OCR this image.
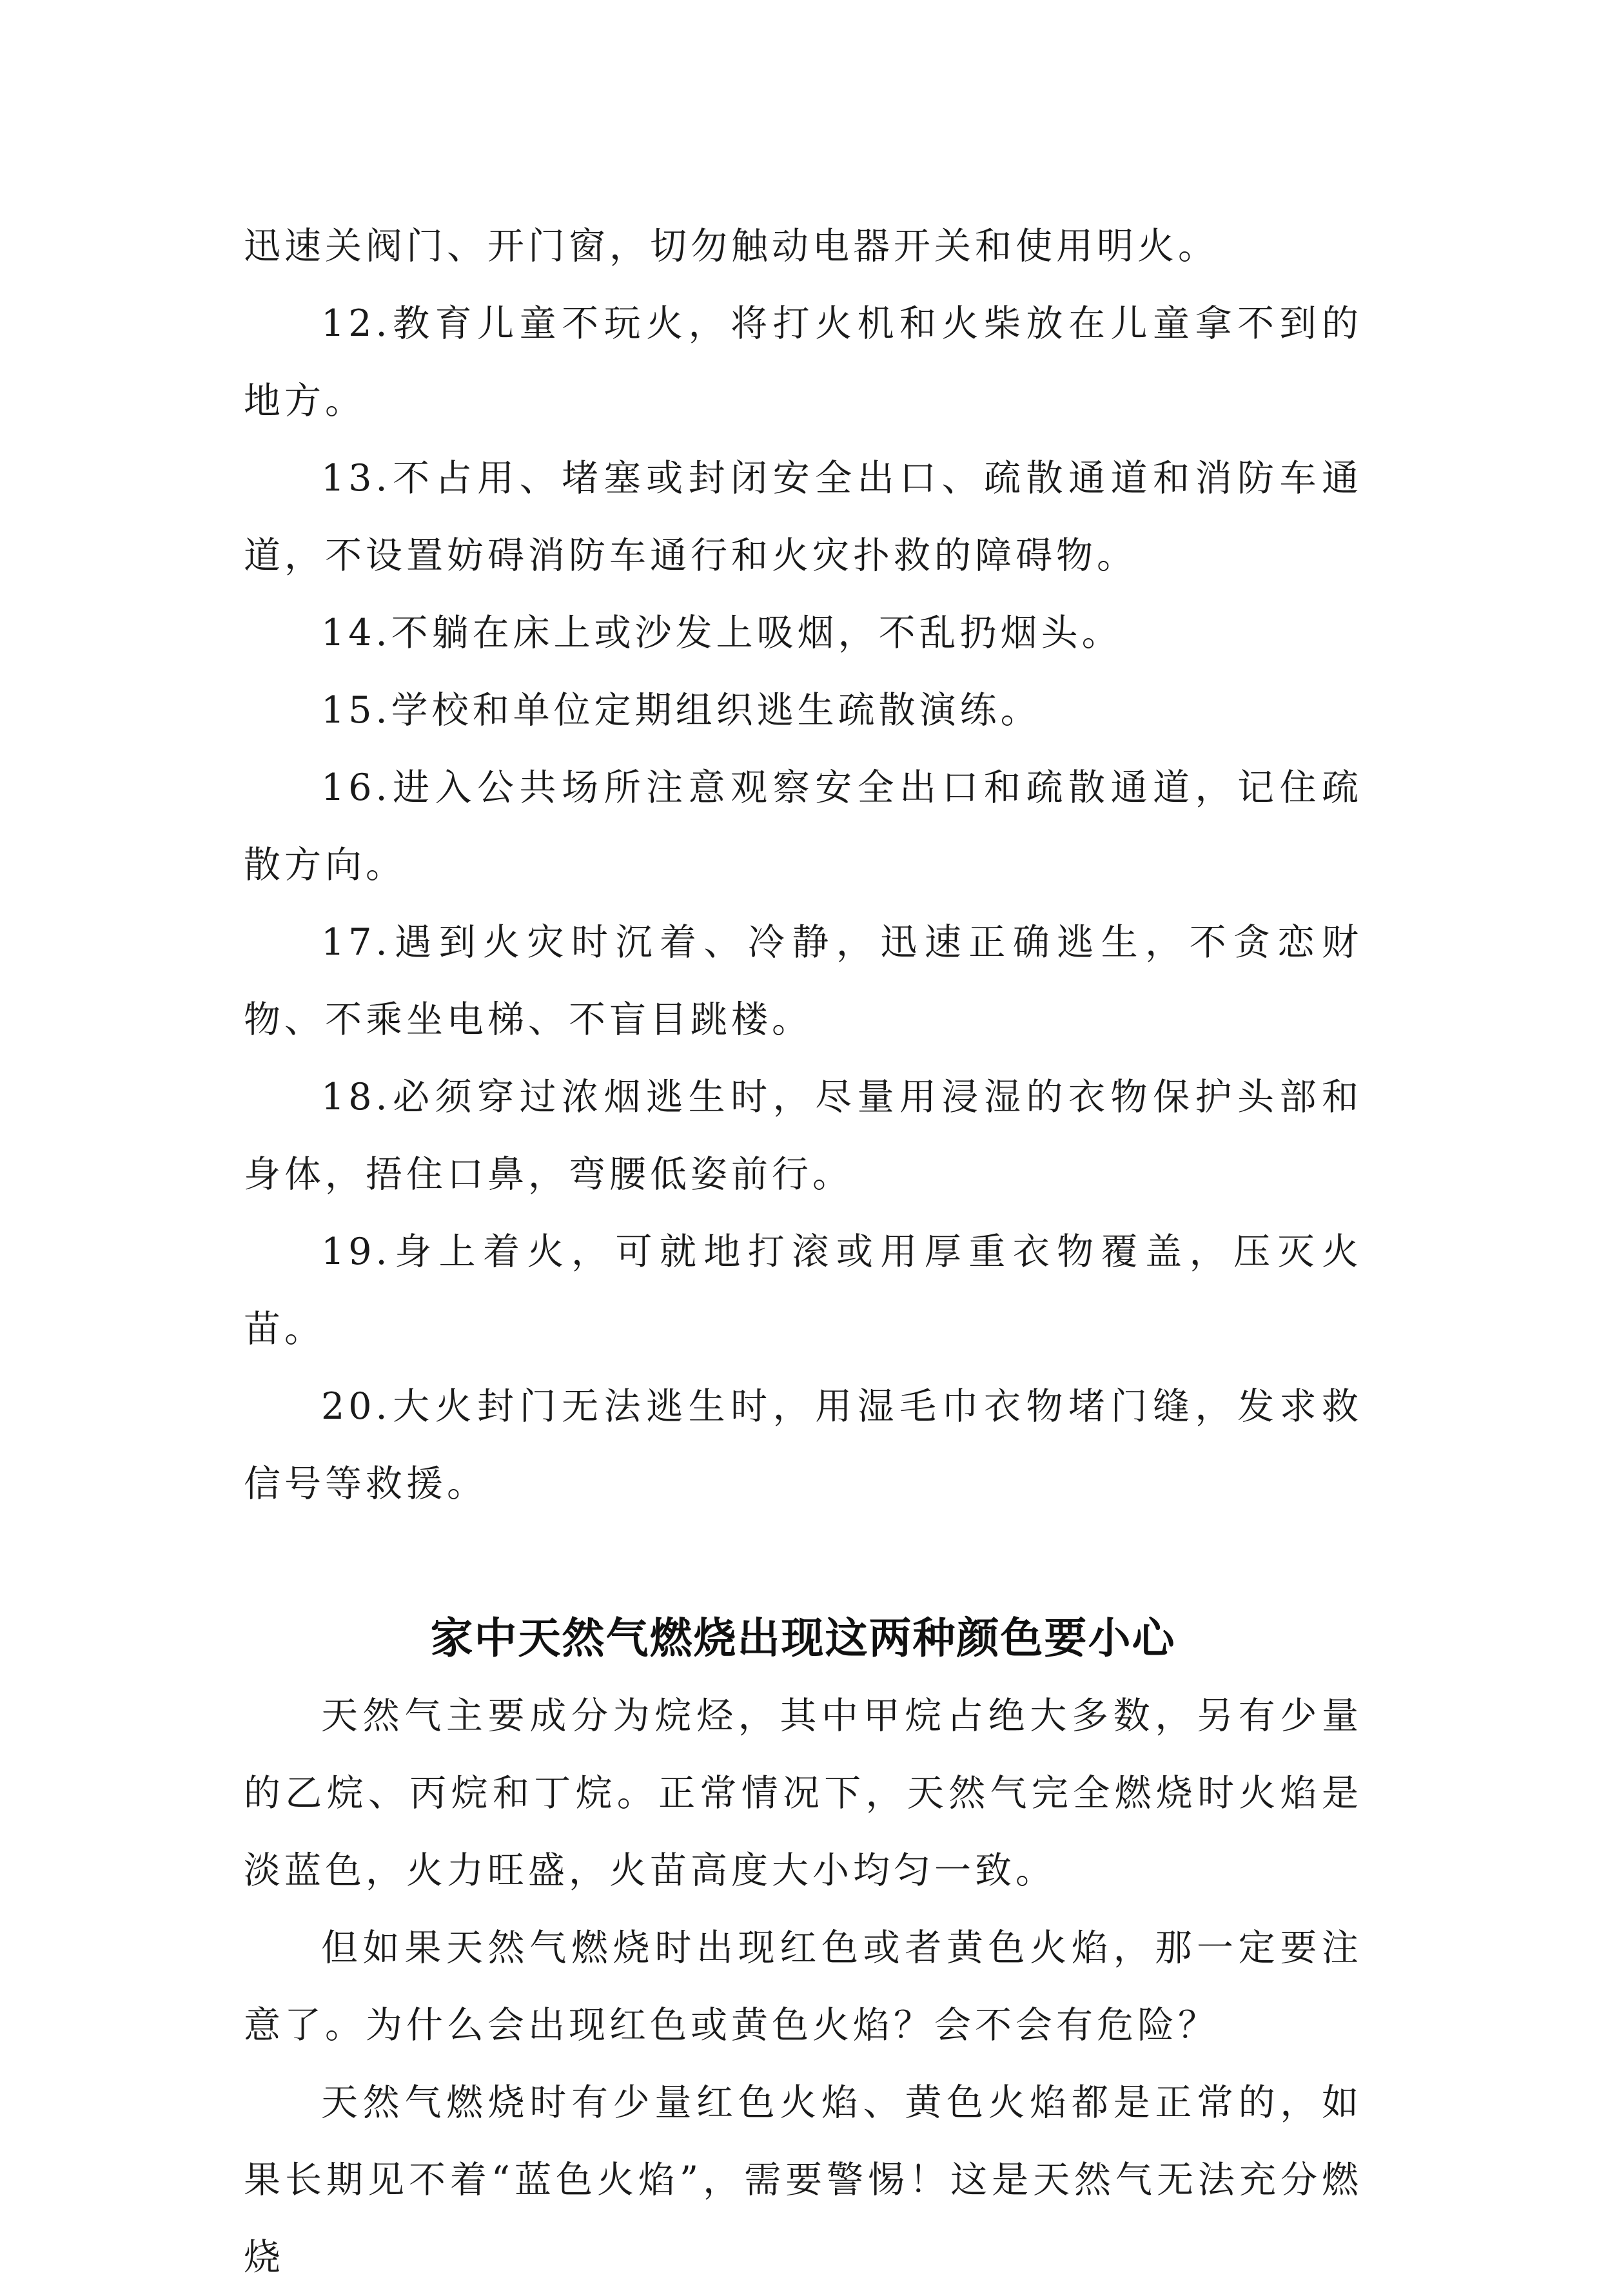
迅速关阀门、开门窗，切勿触动电器开关和使用明火。

12.教育儿童不玩火，将打火机和火柴放在儿童拿不到的地方。

13.不占用、堵塞或封闭安全出口、疏散通道和消防车通道，不设置妨碍消防车通行和火灾扑救的障碍物。

14.不躺在床上或沙发上吸烟，不乱扔烟头。

15.学校和单位定期组织逃生疏散演练。

16.进入公共场所注意观察安全出口和疏散通道，记住疏散方向。

17.遇到火灾时沉着、冷静，迅速正确逃生，不贪恋财物、不乘坐电梯、不盲目跳楼。

18.必须穿过浓烟逃生时，尽量用浸湿的衣物保护头部和身体，捂住口鼻，弯腰低姿前行。

19.身上着火，可就地打滚或用厚重衣物覆盖，压灭火苗。

20.大火封门无法逃生时，用湿毛巾衣物堵门缝，发求救信号等救援。

家中天然气燃烧出现这两种颜色要小心

天然气主要成分为烷烃，其中甲烷占绝大多数，另有少量的乙烷、丙烷和丁烷。正常情况下，天然气完全燃烧时火焰是淡蓝色，火力旺盛，火苗高度大小均匀一致。

但如果天然气燃烧时出现红色或者黄色火焰，那一定要注意了。为什么会出现红色或黄色火焰？会不会有危险？

天然气燃烧时有少量红色火焰、黄色火焰都是正常的，如果长期见不着“蓝色火焰”，需要警惕！这是天然气无法充分燃烧
